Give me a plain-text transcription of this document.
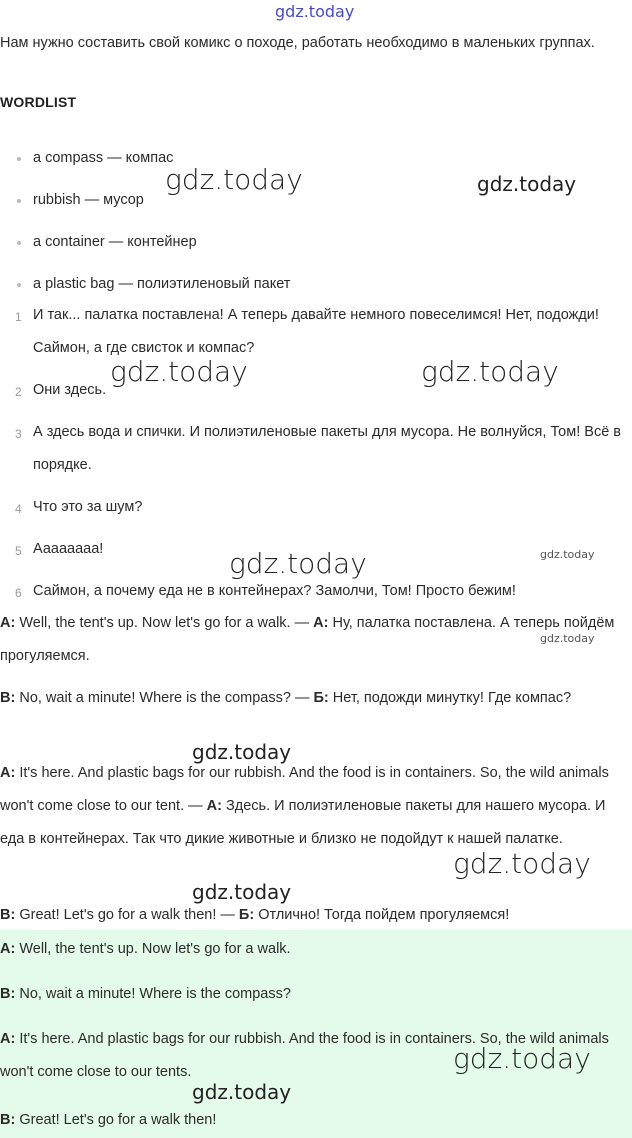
gdz.today

Нам нужно составить свой комикс о походе, работать необходимо в маленьких группах.

WORDLIST
a compass — компас
rubbish — мусор
a container — контейнер
a plastic bag — полиэтиленовый пакет
1 И так... палатка поставлена! А теперь давайте немного повеселимся! Нет, подожди! Саймон, а где свисток и компас?
2 Они здесь.
3 А здесь вода и спички. И полиэтиленовые пакеты для мусора. Не волнуйся, Том! Всё в порядке.
4 Что это за шум?
5 Ааааaaaa!
6 Саймон, а почему еда не в контейнерах? Замолчи, Том! Просто бежим!

A: Well, the tent's up. Now let's go for a walk. — А: Ну, палатка поставлена. А теперь пойдём прогуляемся.

B: No, wait a minute! Where is the compass? — Б: Нет, подожди минутку! Где компас?

A: It's here. And plastic bags for our rubbish. And the food is in containers. So, the wild animals won't come close to our tent. — А: Здесь. И полиэтиленовые пакеты для нашего мусора. И еда в контейнерах. Так что дикие животные и близко не подойдут к нашей палатке.

B: Great! Let's go for a walk then! — Б: Отлично! Тогда пойдем прогуляемся!

A: Well, the tent's up. Now let's go for a walk.

B: No, wait a minute! Where is the compass?

A: It's here. And plastic bags for our rubbish. And the food is in containers. So, the wild animals won't come close to our tents.

B: Great! Let's go for a walk then!

gdz.today	gdz.today
gdz.today	gdz.today
gdz.today	gdz.today
gdz.today
gdz.today
gdz.today
gdz.today
gdz.today
gdz.today
